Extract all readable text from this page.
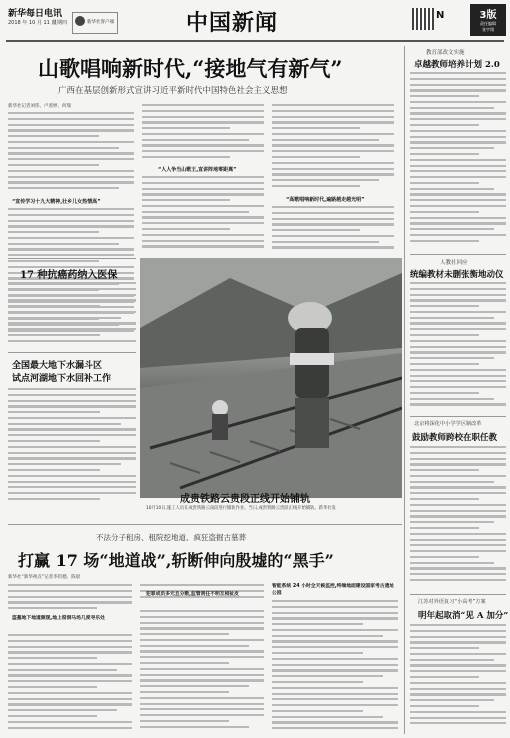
新华每日电讯
2018 年 10 月 11 日
星期四	新华社客户端	中国新闻	N	3版
责任编辑
张宇翔
山歌唱响新时代,“接地气有新气”
广西在基层创新形式宣讲习近平新时代中国特色社会主义思想
新华社记者刘伟、卢羡婷、何瑞
“宣传学习十九大精神,壮乡儿女热情高”
“人人争当山歌王,宣讲阵地零距离”
“高歌唱响新时代,遍路越走越光明”
17 种抗癌药纳入医保
全国最大地下水漏斗区
试点河湖地下水回补工作
成贵铁路云贵段正线开始铺轨
10月10日,施工人员在成贵铁路云南段进行铺轨作业。当日,成贵铁路云贵段正线开始铺轨。新华社发
不法分子租房、租院挖地道、疯狂盗掘古墓葬
打赢 17 场“地道战”,斩断伸向殷墟的“黑手”
新华社“新华视点”记者李钧德、陈晨
盗墓地下地道频现,地上窑洞马场几度寻乐处
犯罪成员多元且分散,监管责任不明互相扯皮
智能系统 24 小时全天候监控,终端地面建设国家考古遗址公园
教育部改文实施
卓越教师培养计划 2.0
人教社回应
统编教材未删张衡地动仪
北京将深化中小学学区制改革
鼓励教师跨校在职任教
江苏对外语复习“小高考”方案
明年起取消“见 A 加分”
